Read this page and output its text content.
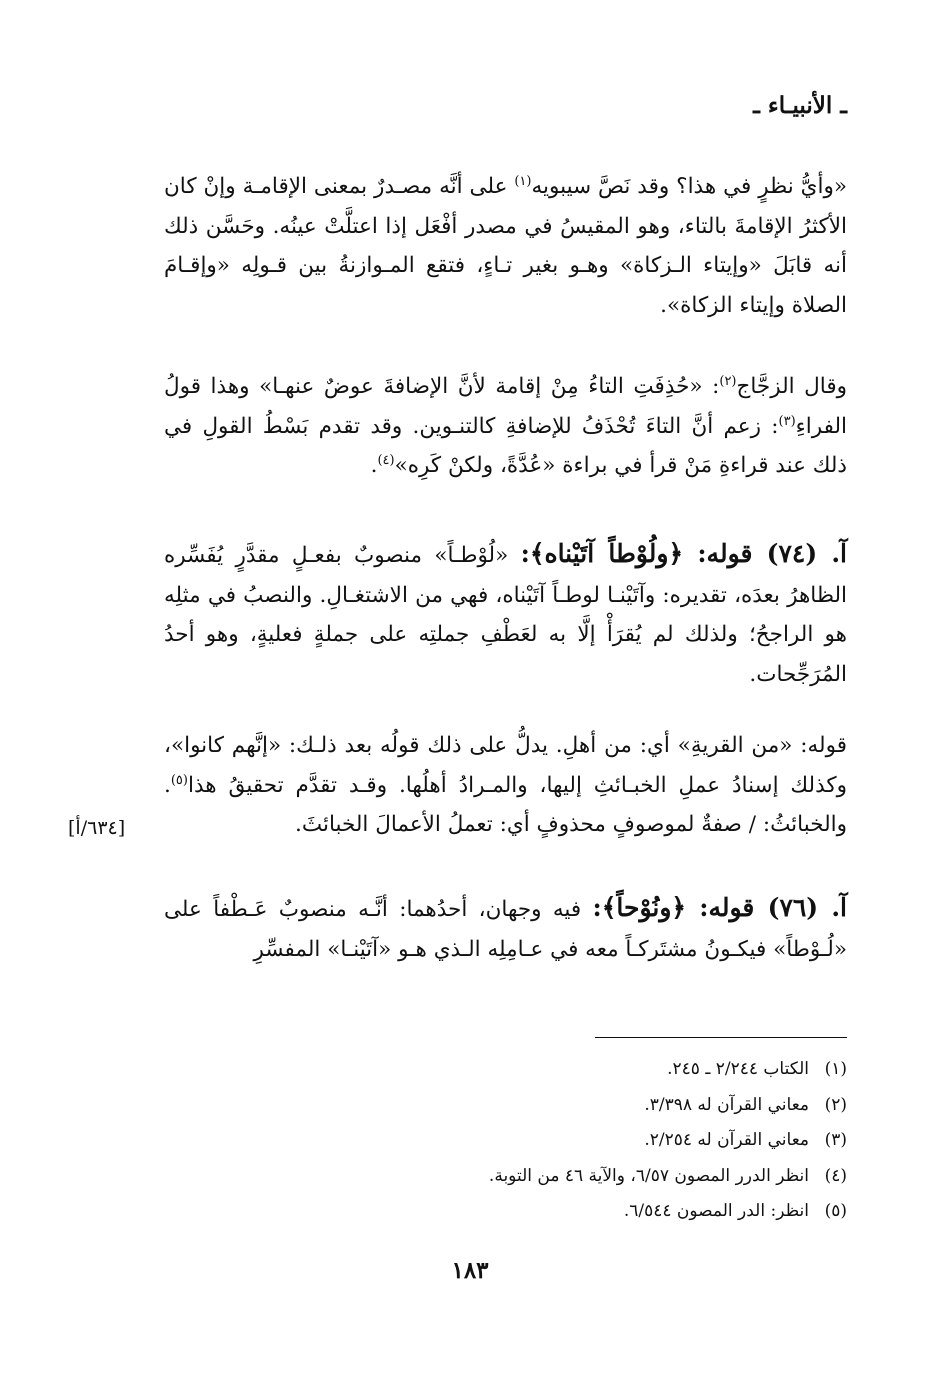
ـ الأنبيـاء ـ
«وأيُّ نظرٍ في هذا؟ وقد نَصَّ سيبويه$^{(١)}$ على أنَّه مصـدرٌ بمعنى الإقامـة وإنْ كان الأكثرُ الإقامةَ بالتاء، وهو المقيسُ في مصدر أفْعَل إذا اعتلَّتْ عينُه. وحَسَّن ذلك أنه قابَلَ «وإيتاء الـزكاة» وهـو بغير تـاءٍ، فتقع المـوازنةُ بين قـولِه «وإقـامَ الصلاة وإيتاء الزكاة».
وقال الزجَّاج$^{(٢)}$: «حُذِفَتِ التاءُ مِنْ إقامة لأنَّ الإضافةَ عوضٌ عنهـا» وهذا قولُ الفراءِ$^{(٣)}$: زعم أنَّ التاءَ تُحْذَفُ للإضافةِ كالتنـوين. وقد تقدم بَسْطُ القولِ في ذلك عند قراءةِ مَنْ قرأ في براءة «عُدَّةً، ولكنْ كَرِه»$^{(٤)}$.
آ. (٧٤) قوله: ﴿ولُوْطاً آتَيْناه﴾: «لُوْطـاً» منصوبٌ بفعـلٍ مقدَّرٍ يُفَسِّره الظاهرُ بعدَه، تقديره: وآتَيْنـا لوطـاً آتَيْناه، فهي من الاشتغـالِ. والنصبُ في مثلِه هو الراجحُ؛ ولذلك لم يُقرَأْ إلَّا به لعَطْفِ جملتِه على جملةٍ فعليةٍ، وهو أحدُ المُرَجِّحات.
قوله: «من القريةِ» أي: من أهلِ. يدلُّ على ذلك قولُه بعد ذلـك: «إنَّهم كانوا»، وكذلك إسنادُ عملِ الخبـائثِ إليها، والمـرادُ أهلُها. وقـد تقدَّم تحقيقُ هذا$^{(٥)}$. والخبائثُ: / صفةٌ لموصوفٍ محذوفٍ أي: تعملُ الأعمالَ الخبائثَ.
[٦٣٤/أ]
آ. (٧٦) قوله: ﴿ونُوْحاً﴾: فيه وجهان، أحدُهما: أنَّـه منصوبٌ عَـطْفاً على «لُـوْطاً» فيكـونُ مشتَركـاً معه في عـامِلِه الـذي هـو «آتَيْنـا» المفسِّرِ
(١)الكتاب ٢/٢٤٤ ـ ٢٤٥.
(٢)معاني القرآن له ٣/٣٩٨.
(٣)معاني القرآن له ٢/٢٥٤.
(٤)انظر الدرر المصون ٦/٥٧، والآية ٤٦ من التوبة.
(٥)انظر: الدر المصون ٦/٥٤٤.
١٨٣
